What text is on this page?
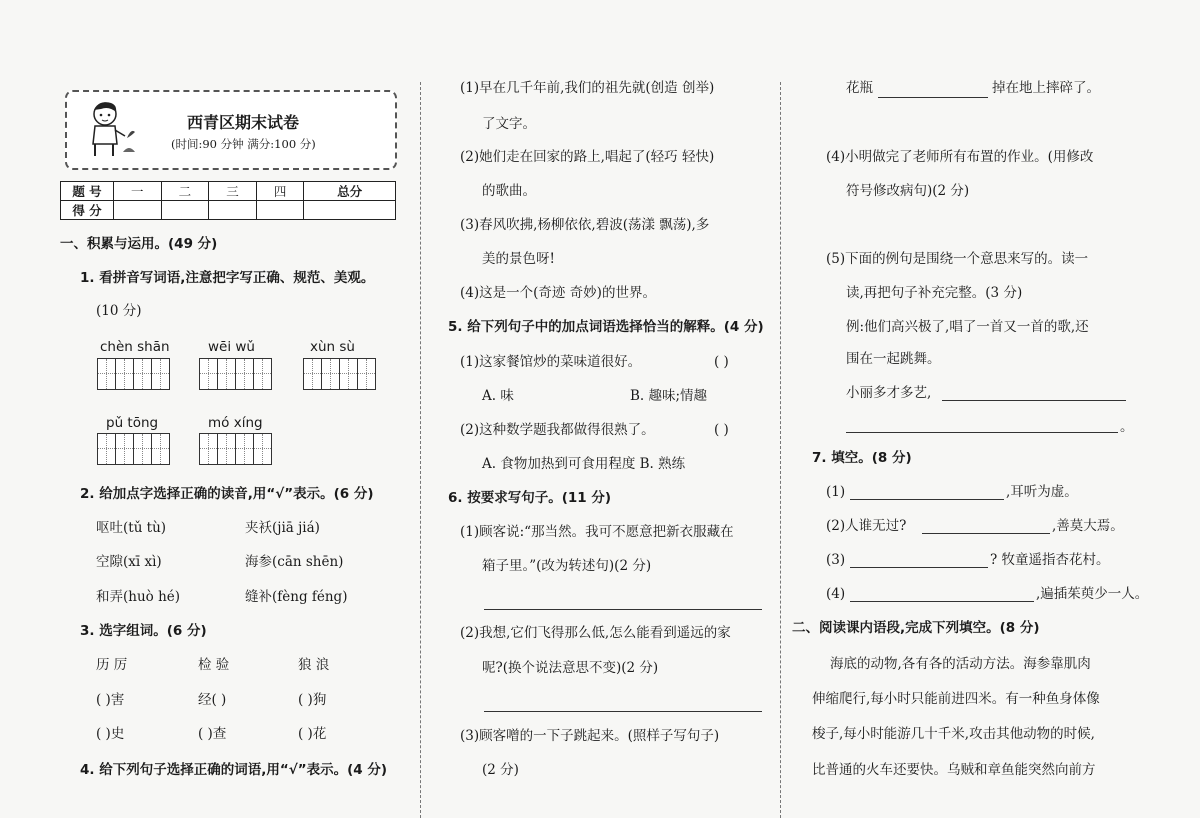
西青区期末试卷
(时间:90 分钟 满分:100 分)
题 号	一	二	三	四	总分
得 分					
一、积累与运用。(49 分)
1. 看拼音写词语,注意把字写正确、规范、美观。
(10 分)
chèn shān	wēi wǔ	xùn sù
pǔ tōng	mó xíng
2. 给加点字选择正确的读音,用“√”表示。(6 分)
呕吐(tǔ tù)	夹袄(jiā jiá)
空隙(xī xì)	海参(cān shēn)
和弄(huò hé)	缝补(fèng féng)
3. 选字组词。(6 分)
历 厉	检 验	狼 浪
( )害	经( )	( )狗
( )史	( )查	( )花
4. 给下列句子选择正确的词语,用“√”表示。(4 分)
(1)早在几千年前,我们的祖先就(创造 创举)
了文字。
(2)她们走在回家的路上,唱起了(轻巧 轻快)
的歌曲。
(3)春风吹拂,杨柳依依,碧波(荡漾 飘荡),多
美的景色呀!
(4)这是一个(奇迹 奇妙)的世界。
5. 给下列句子中的加点词语选择恰当的解释。(4 分)
(1)这家餐馆炒的菜味道很好。	( )
A. 味	B. 趣味;情趣
(2)这种数学题我都做得很熟了。	( )
A. 食物加热到可食用程度 B. 熟练
6. 按要求写句子。(11 分)
(1)顾客说:“那当然。我可不愿意把新衣服藏在
箱子里。”(改为转述句)(2 分)
(2)我想,它们飞得那么低,怎么能看到遥远的家
呢?(换个说法意思不变)(2 分)
(3)顾客噌的一下子跳起来。(照样子写句子)
(2 分)
花瓶	掉在地上摔碎了。
(4)小明做完了老师所有布置的作业。(用修改
符号修改病句)(2 分)
(5)下面的例句是围绕一个意思来写的。读一
读,再把句子补充完整。(3 分)
例:他们高兴极了,唱了一首又一首的歌,还
围在一起跳舞。
小丽多才多艺,
。
7. 填空。(8 分)
(1)	,耳听为虚。
(2)人谁无过?	,善莫大焉。
(3)	? 牧童遥指杏花村。
(4)	,遍插茱萸少一人。
二、阅读课内语段,完成下列填空。(8 分)
海底的动物,各有各的活动方法。海参靠肌肉
伸缩爬行,每小时只能前进四米。有一种鱼身体像
梭子,每小时能游几十千米,攻击其他动物的时候,
比普通的火车还要快。乌贼和章鱼能突然向前方
